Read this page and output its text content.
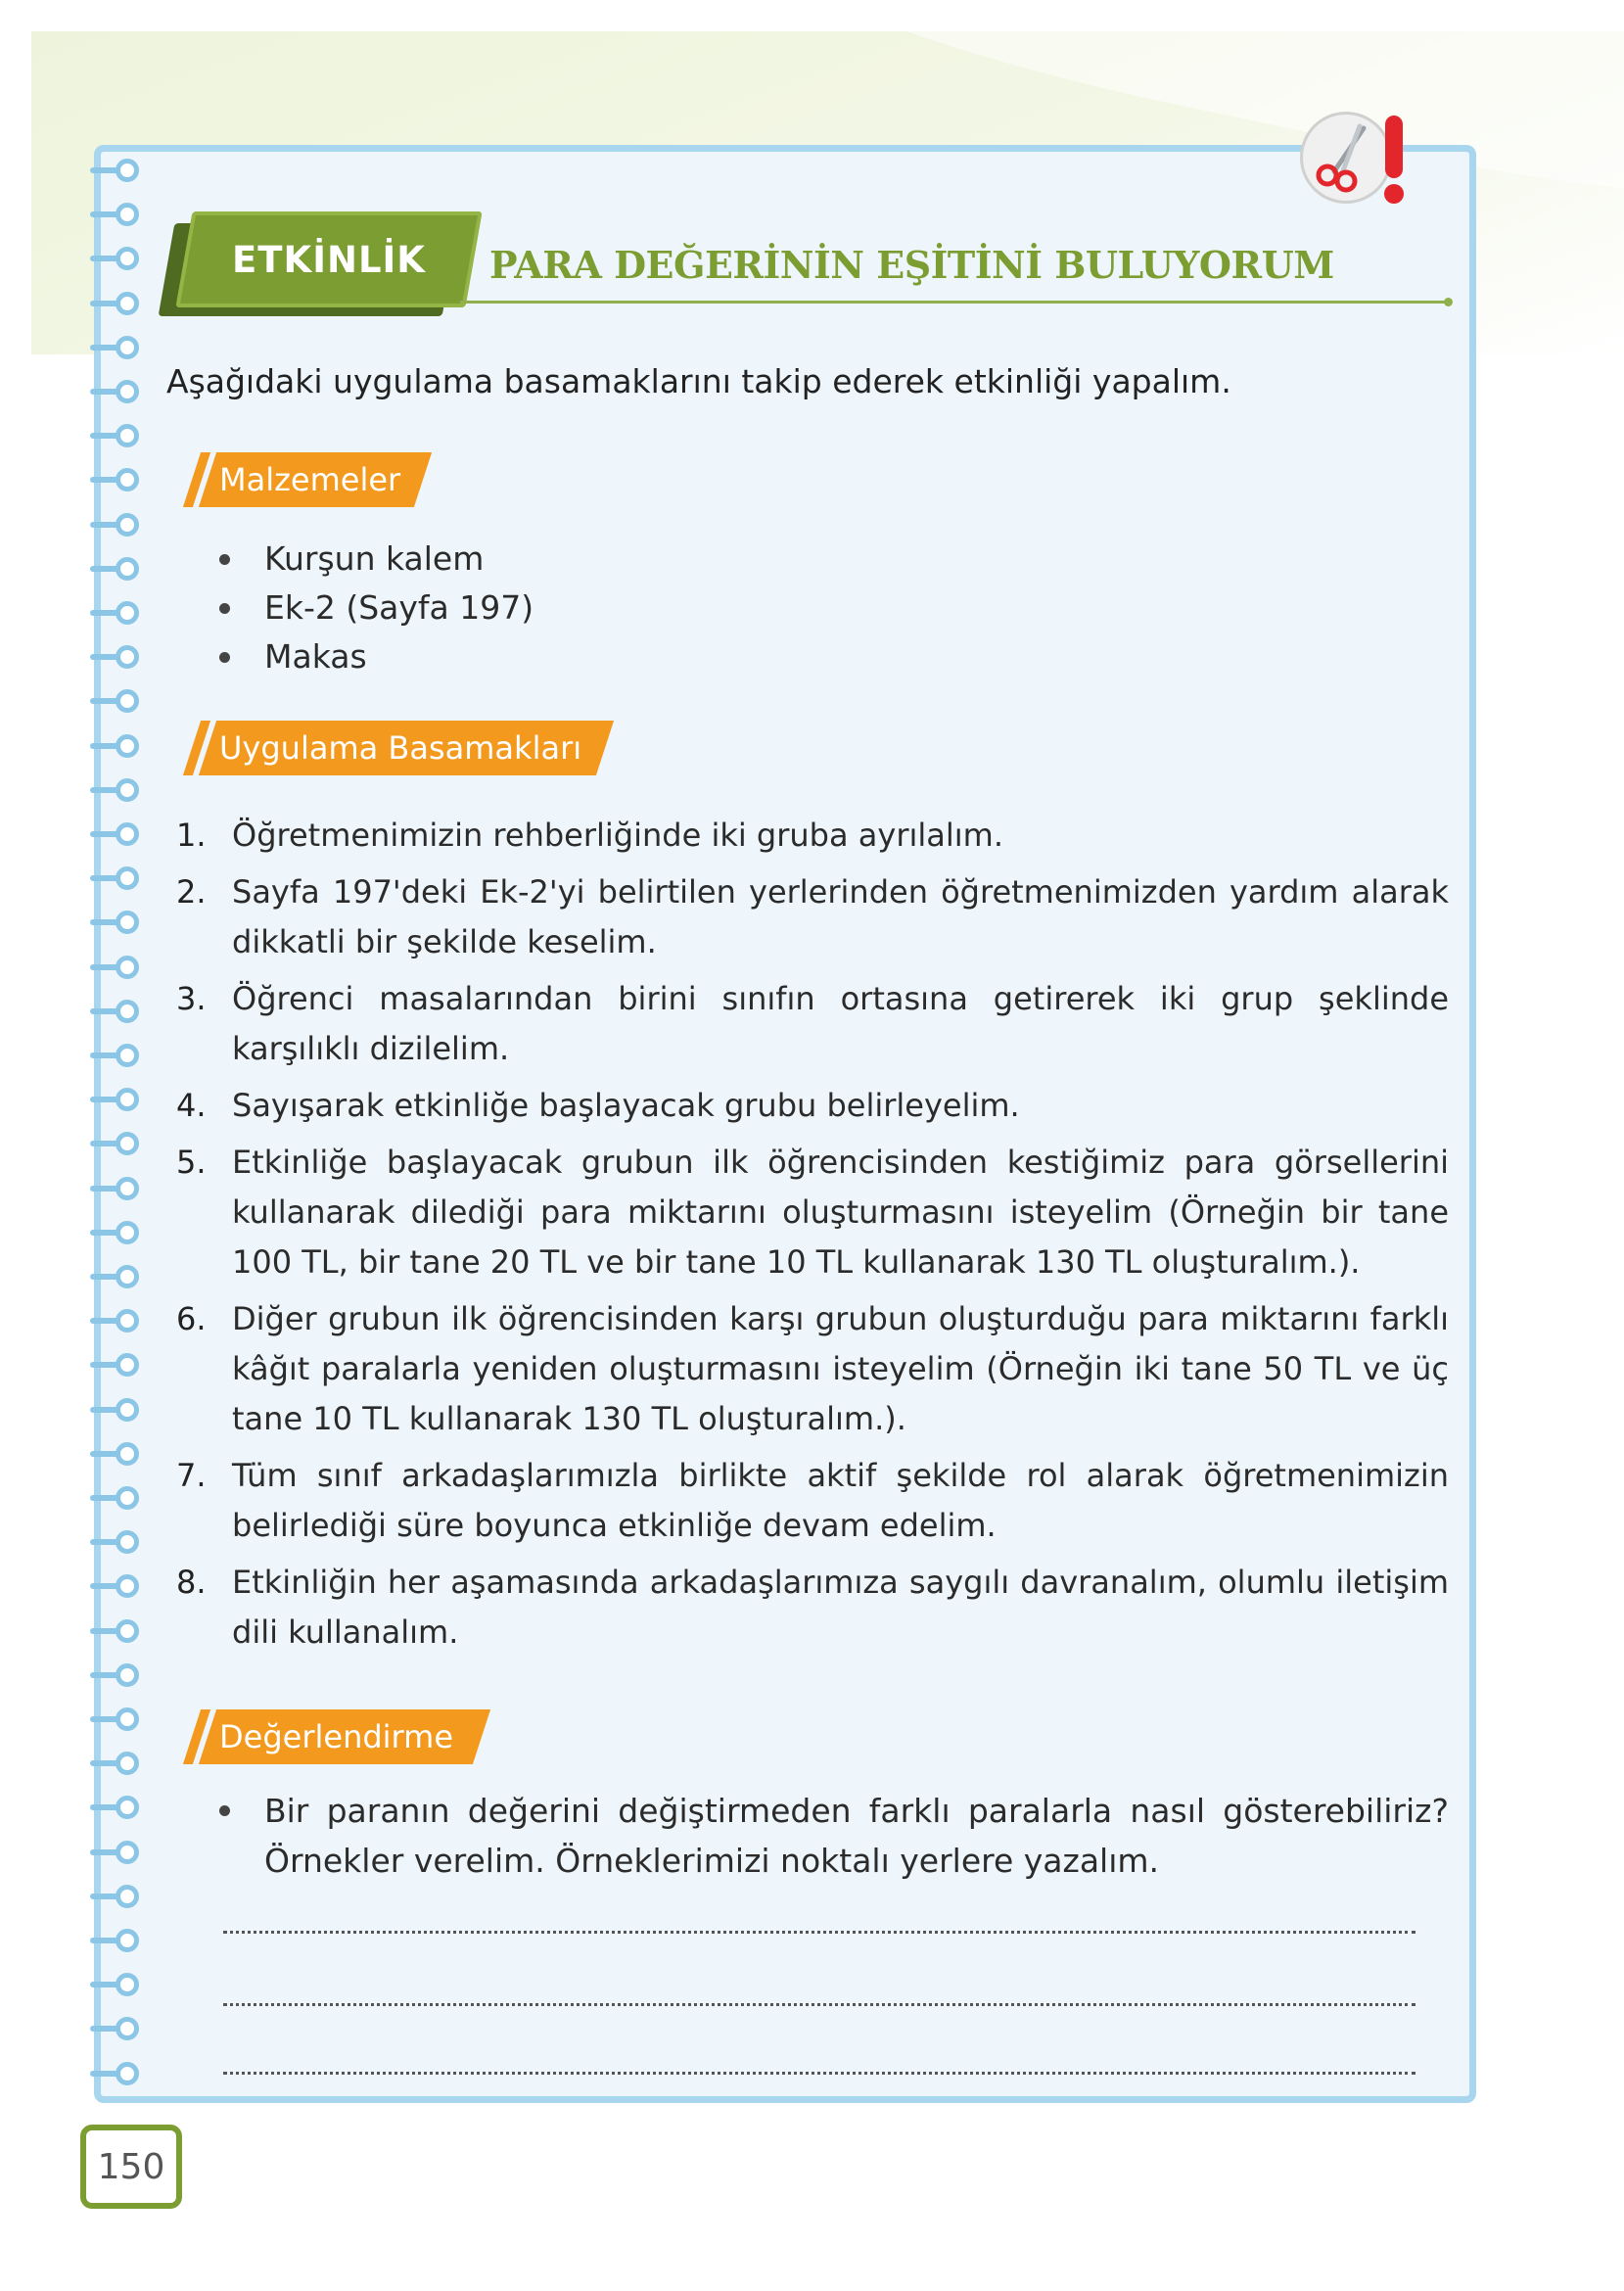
ETKİNLİK	PARA DEĞERİNİN EŞİTİNİ BULUYORUM
Aşağıdaki uygulama basamaklarını takip ederek etkinliği yapalım.
Malzemeler
Kurşun kalem
Ek-2 (Sayfa 197)
Makas
Uygulama Basamakları
1. Öğretmenimizin rehberliğinde iki gruba ayrılalım.
2. Sayfa 197'deki Ek-2'yi belirtilen yerlerinden öğretmenimizden yardım alarak dikkatli bir şekilde keselim.
3. Öğrenci masalarından birini sınıfın ortasına getirerek iki grup şeklinde karşılıklı dizilelim.
4. Sayışarak etkinliğe başlayacak grubu belirleyelim.
5. Etkinliğe başlayacak grubun ilk öğrencisinden kestiğimiz para görsellerini kullanarak dilediği para miktarını oluşturmasını isteyelim (Örneğin bir tane 100 TL, bir tane 20 TL ve bir tane 10 TL kullanarak 130 TL oluşturalım.).
6. Diğer grubun ilk öğrencisinden karşı grubun oluşturduğu para miktarını farklı kâğıt paralarla yeniden oluşturmasını isteyelim (Örneğin iki tane 50 TL ve üç tane 10 TL kullanarak 130 TL oluşturalım.).
7. Tüm sınıf arkadaşlarımızla birlikte aktif şekilde rol alarak öğretmenimizin belirlediği süre boyunca etkinliğe devam edelim.
8. Etkinliğin her aşamasında arkadaşlarımıza saygılı davranalım, olumlu iletişim dili kullanalım.
Değerlendirme

Bir paranın değerini değiştirmeden farklı paralarla nasıl gösterebiliriz? Örnekler verelim. Örneklerimizi noktalı yerlere yazalım.

150
